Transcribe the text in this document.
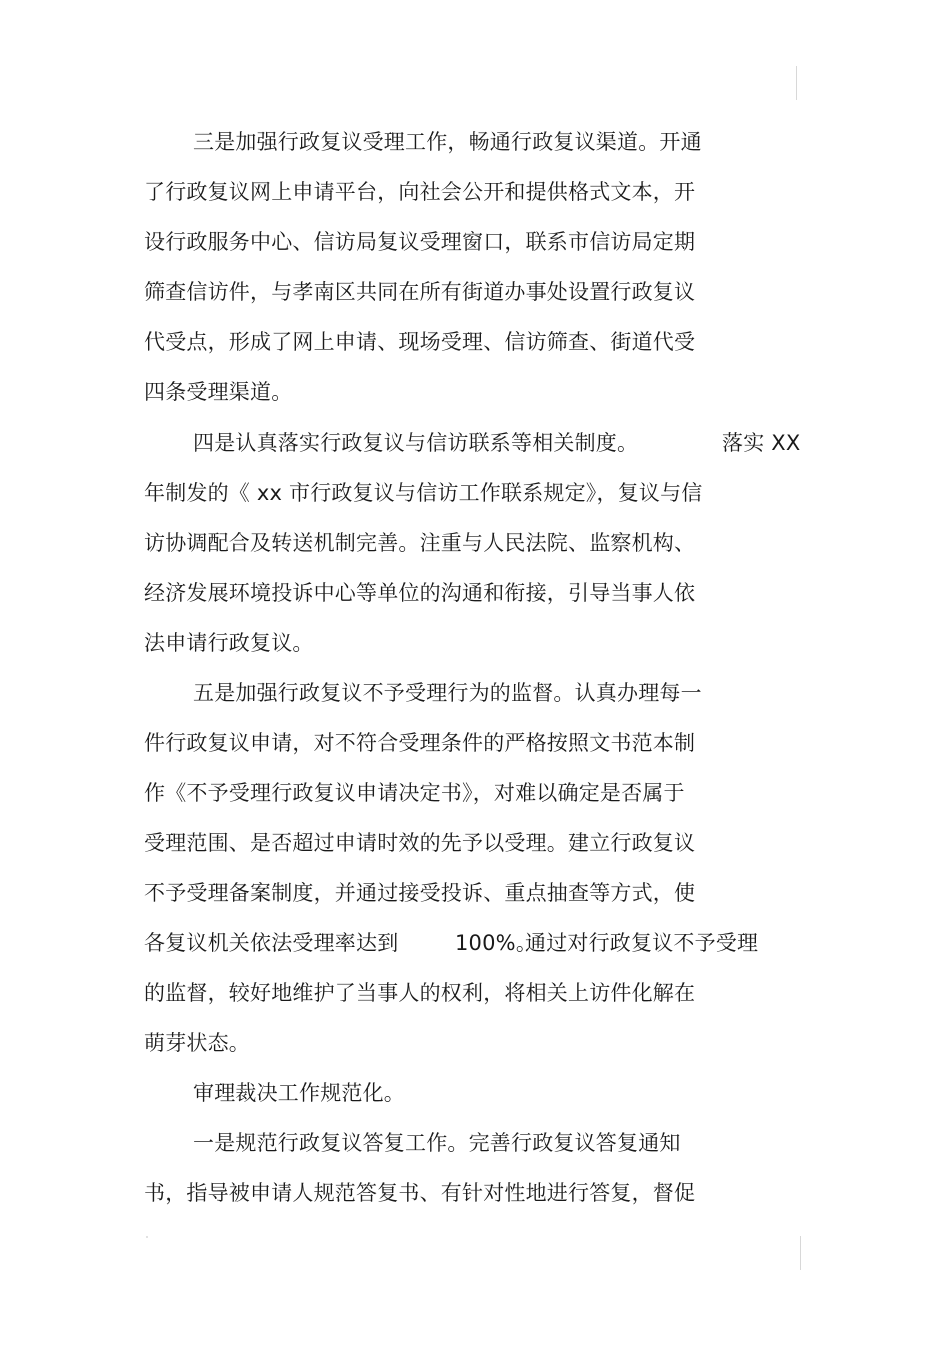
三是加强行政复议受理工作，畅通行政复议渠道。开通
了行政复议网上申请平台，向社会公开和提供格式文本，开
设行政服务中心、信访局复议受理窗口，联系市信访局定期
筛查信访件，与孝南区共同在所有街道办事处设置行政复议
代受点，形成了网上申请、现场受理、信访筛查、街道代受
四条受理渠道。
四是认真落实行政复议与信访联系等相关制度。	落实 XX
年制发的《 xx 市行政复议与信访工作联系规定》，复议与信
访协调配合及转送机制完善。注重与人民法院、监察机构、
经济发展环境投诉中心等单位的沟通和衔接，引导当事人依
法申请行政复议。
五是加强行政复议不予受理行为的监督。认真办理每一
件行政复议申请，对不符合受理条件的严格按照文书范本制
作《不予受理行政复议申请决定书》，对难以确定是否属于
受理范围、是否超过申请时效的先予以受理。建立行政复议
不予受理备案制度，并通过接受投诉、重点抽查等方式，使
各复议机关依法受理率达到	100%。
通过对行政复议不予受理
的监督，较好地维护了当事人的权利，将相关上访件化解在
萌芽状态。
审理裁决工作规范化。
一是规范行政复议答复工作。完善行政复议答复通知
书，指导被申请人规范答复书、有针对性地进行答复，督促
